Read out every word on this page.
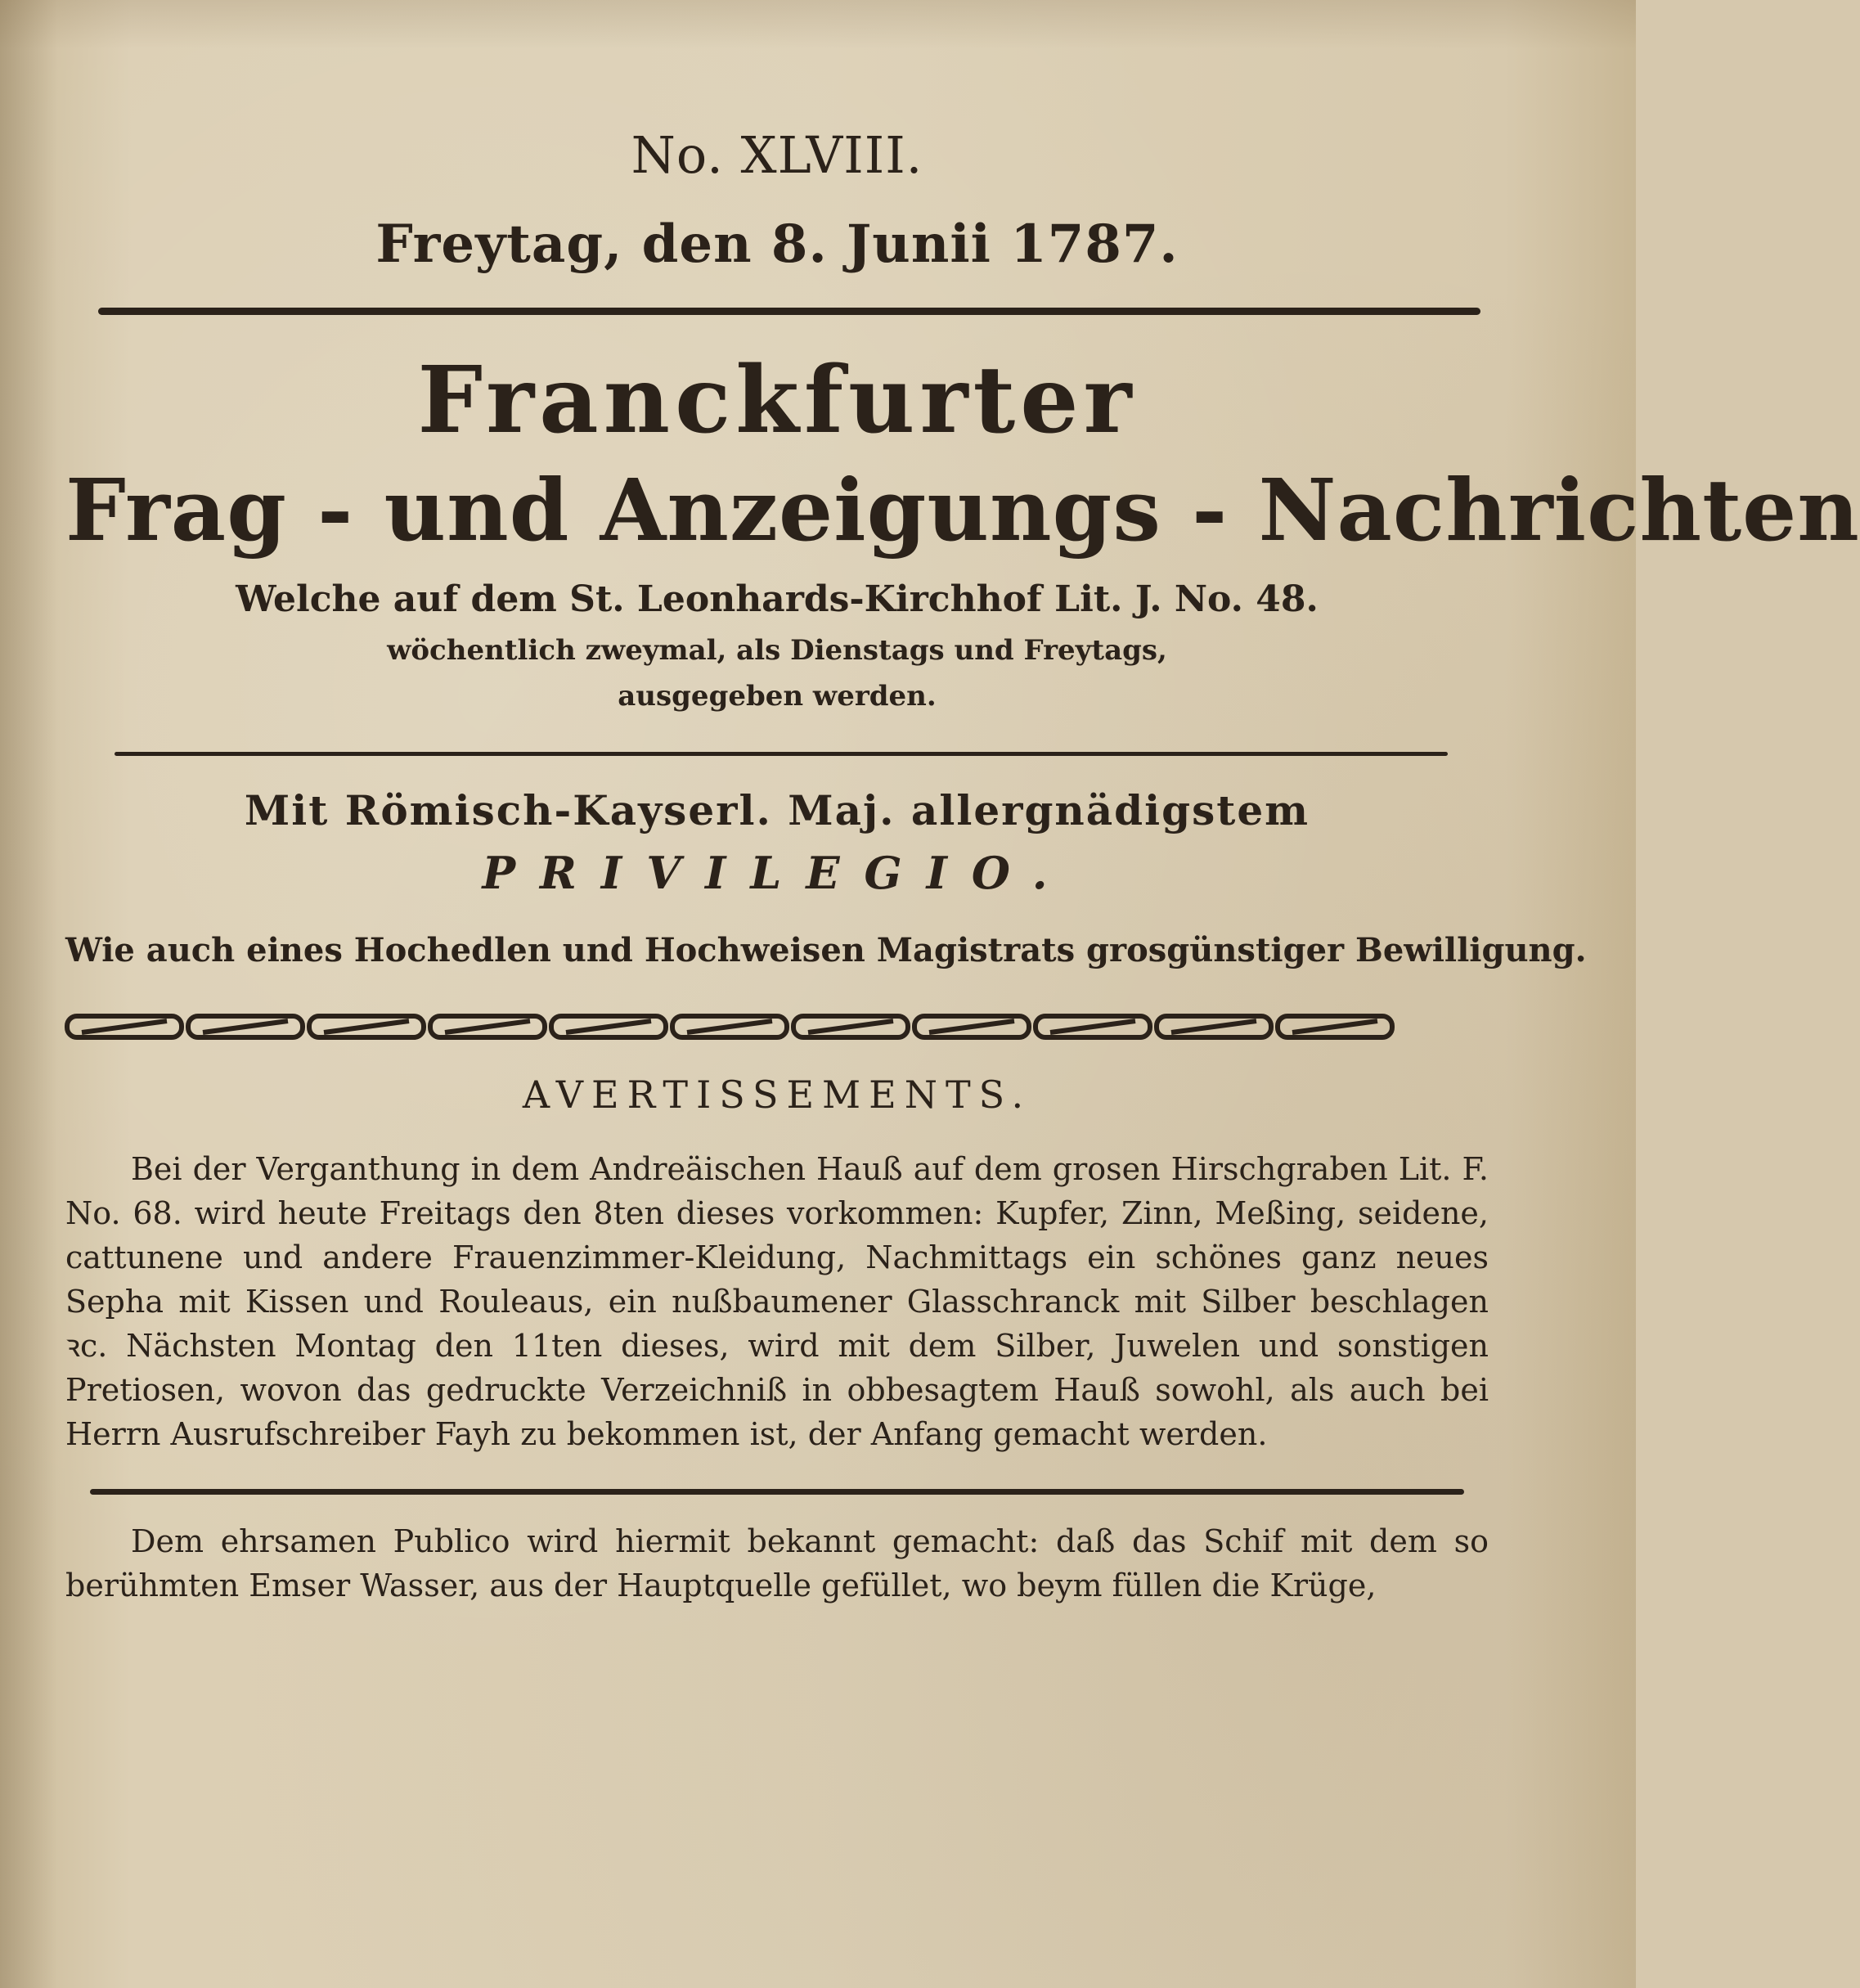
No. XLVIII.

Freytag, den 8. Junii 1787.

Franckfurter

Frag - und Anzeigungs - Nachrichten

Welche auf dem St. Leonhards-Kirchhof Lit. J. No. 48.

wöchentlich zweymal, als Dienstags und Freytags,

ausgegeben werden.

Mit Römisch-Kayserl. Maj. allergnädigstem

PRIVILEGIO.

Wie auch eines Hochedlen und Hochweisen Magistrats grosgünstiger Bewilligung.

AVERTISSEMENTS.

Bei der Verganthung in dem Andreäischen Hauß auf dem grosen Hirschgraben Lit. F. No. 68. wird heute Freitags den 8ten dieses vorkommen: Kupfer, Zinn, Meßing, seidene, cattunene und andere Frauenzimmer-Kleidung, Nachmittags ein schönes ganz neues Sepha mit Kissen und Rouleaus, ein nußbaumener Glasschranck mit Silber beschlagen ꝛc. Nächsten Montag den 11ten dieses, wird mit dem Silber, Juwelen und sonstigen Pretiosen, wovon das gedruckte Verzeichniß in obbesagtem Hauß sowohl, als auch bei Herrn Ausrufschreiber Fayh zu bekommen ist, der Anfang gemacht werden.

Dem ehrsamen Publico wird hiermit bekannt gemacht: daß das Schif mit dem so berühmten Emser Wasser, aus der Hauptquelle gefüllet, wo beym füllen die Krüge,
